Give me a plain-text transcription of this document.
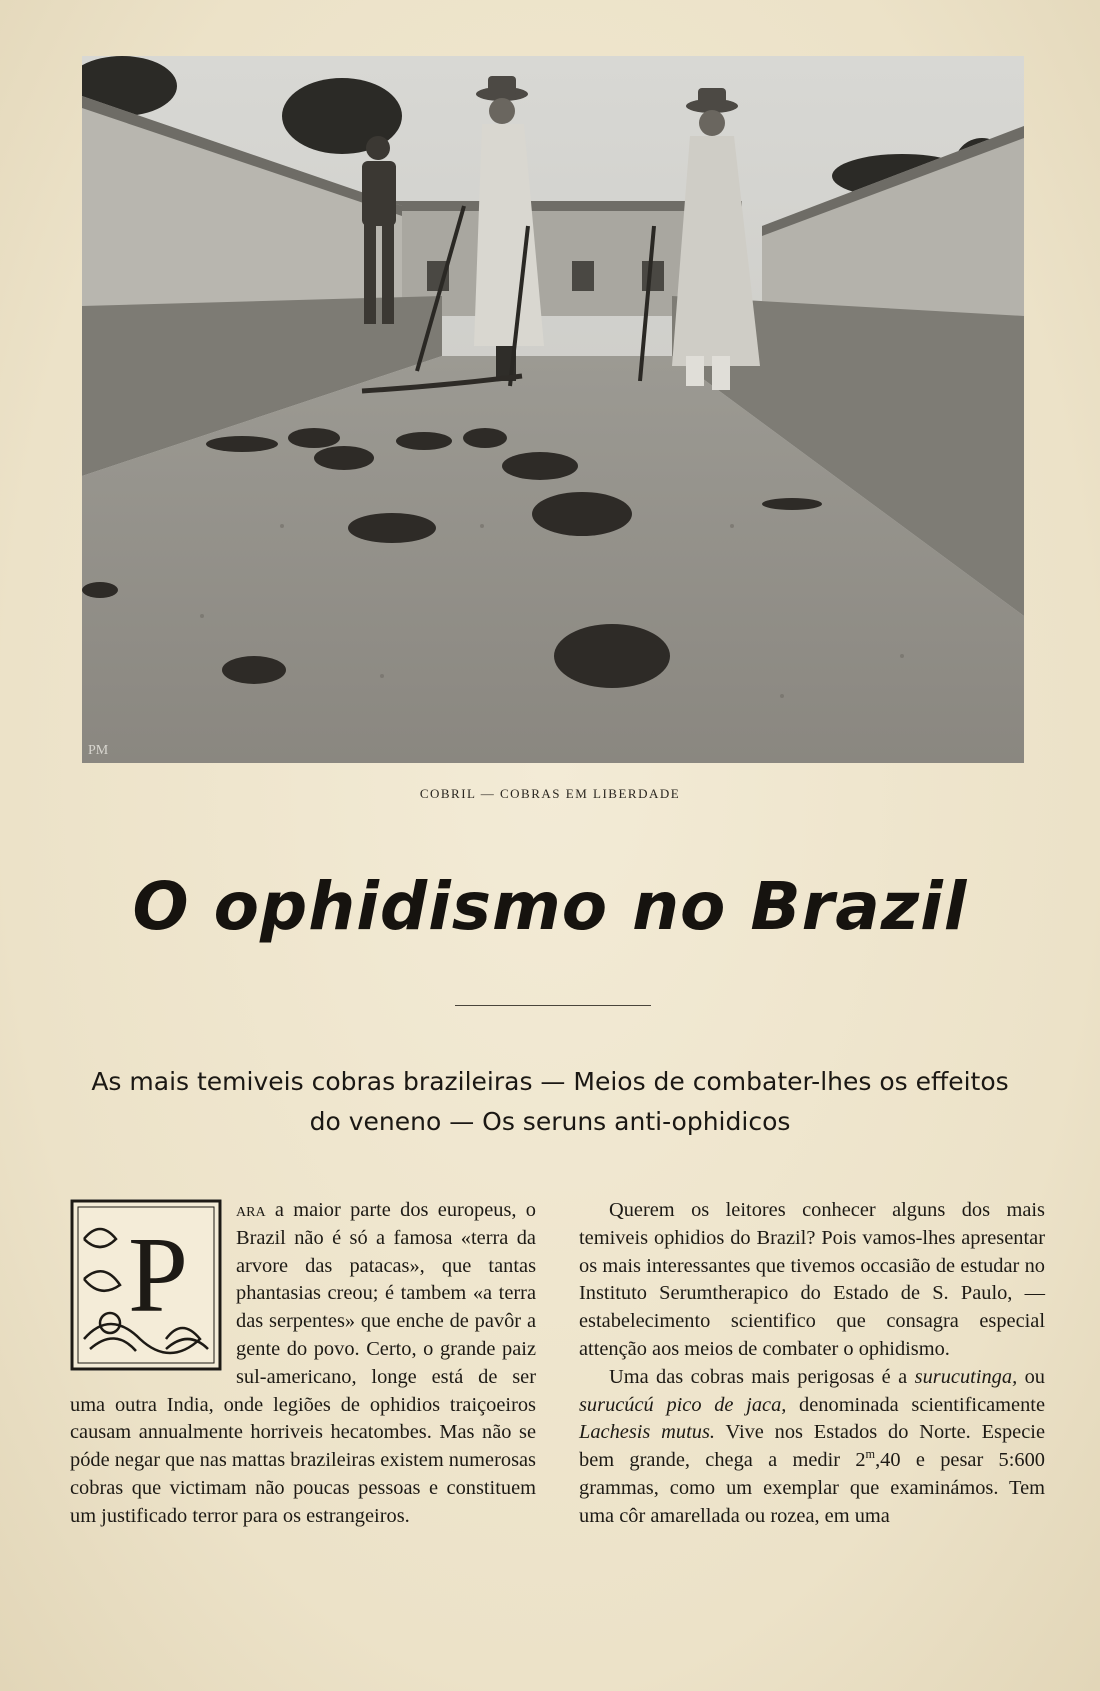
PM
COBRIL — COBRAS EM LIBERDADE
O ophidismo no Brazil
As mais temiveis cobras brazileiras — Meios de combater-lhes os effeitos
do veneno — Os seruns anti-ophidicos
P

ara a maior parte dos europeus, o Brazil não é só a famosa «terra da arvore das patacas», que tantas phantasias creou; é tambem «a terra das serpentes» que enche de pavôr a gente do povo. Certo, o grande paiz sul-americano, longe está de ser uma outra India, onde legiões de ophidios traiçoeiros causam annualmente horriveis hecatombes. Mas não se póde negar que nas mattas brazileiras existem numerosas cobras que victimam não poucas pessoas e constituem um justificado terror para os estrangeiros.

Querem os leitores conhecer alguns dos mais temiveis ophidios do Brazil? Pois vamos-lhes apresentar os mais interessantes que tivemos occasião de estudar no Instituto Serumtherapico do Estado de S. Paulo, — estabelecimento scientifico que consagra especial attenção aos meios de combater o ophidismo.

Uma das cobras mais perigosas é a surucutinga, ou surucúcú pico de jaca, denominada scientificamente Lachesis mutus. Vive nos Estados do Norte. Especie bem grande, chega a medir 2$^m$,40 e pesar 5:600 grammas, como um exemplar que examinámos. Tem uma côr amarellada ou rozea, em uma
